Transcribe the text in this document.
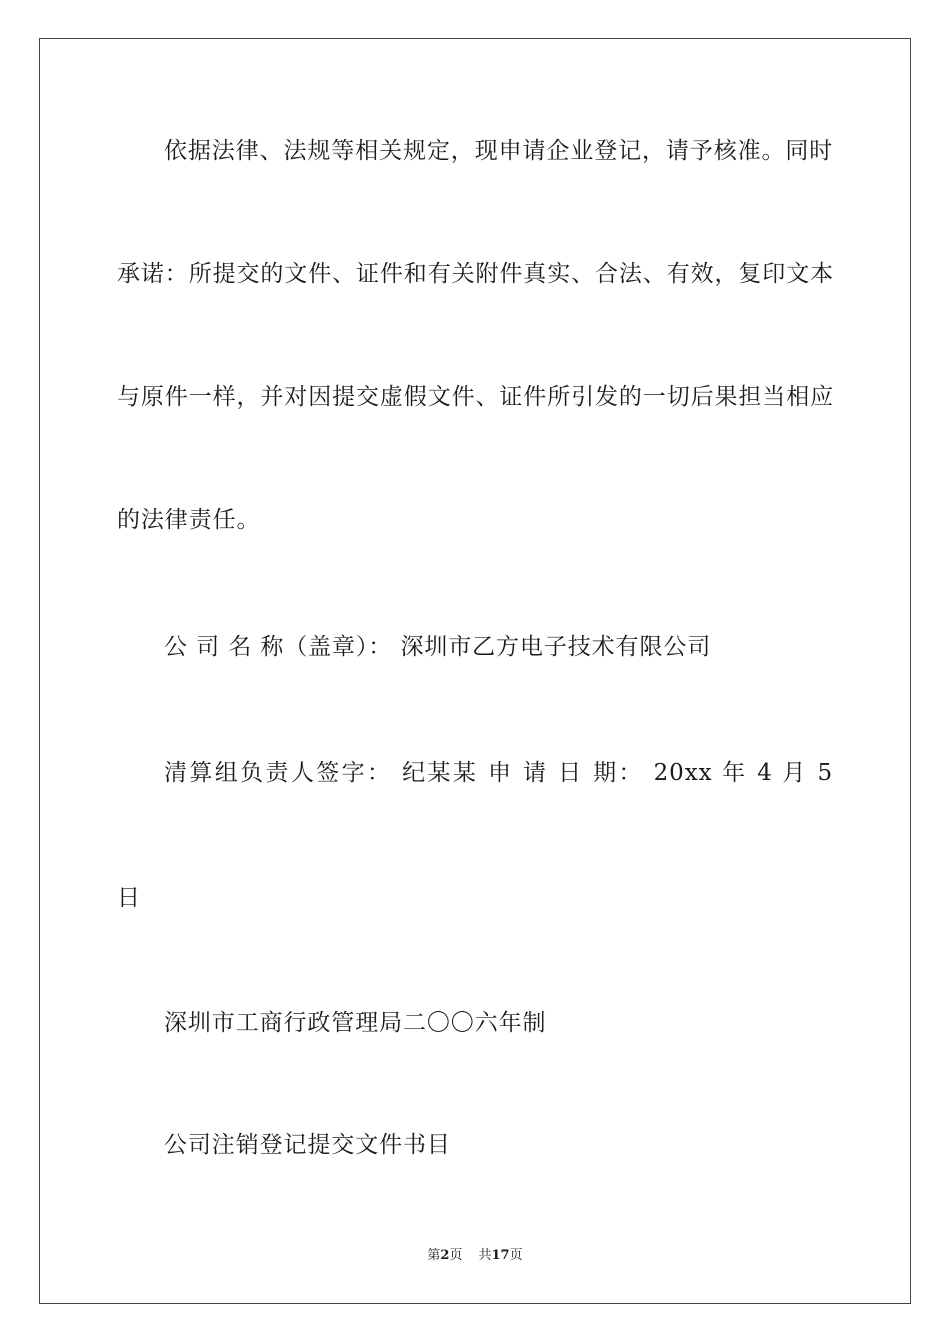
依据法律、法规等相关规定，现申请企业登记，请予核准。同时
承诺：所提交的文件、证件和有关附件真实、合法、有效，复印文本
与原件一样，并对因提交虚假文件、证件所引发的一切后果担当相应
的法律责任。
公 司 名 称（盖章）： 深圳市乙方电子技术有限公司
清算组负责人签字： 纪某某 申 请 日 期： 20xx 年 4 月 5
日
深圳市工商行政管理局二〇〇六年制
公司注销登记提交文件书目
第2页 共17页
